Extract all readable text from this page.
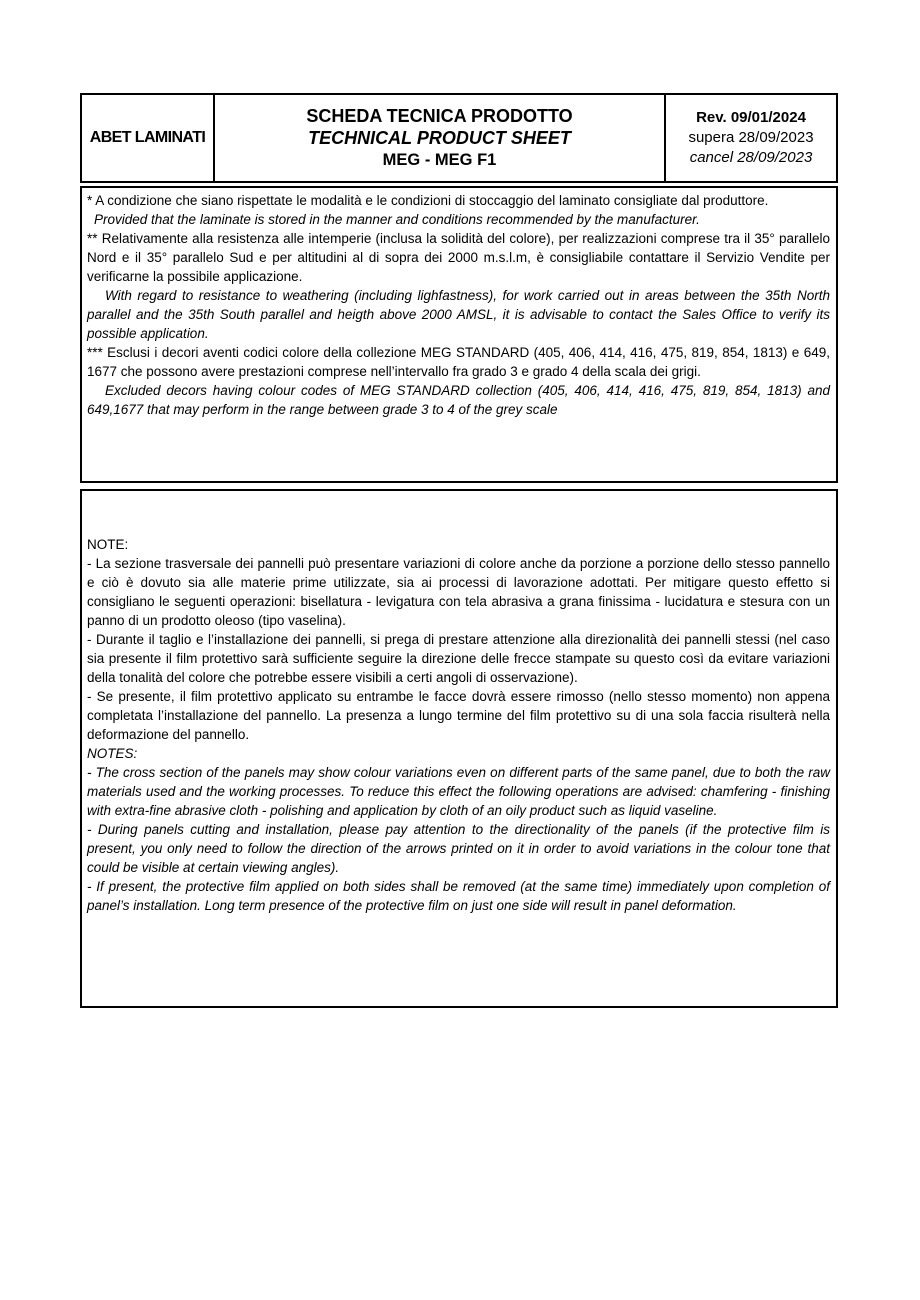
ABET LAMINATI
SCHEDA TECNICA PRODOTTO
TECHNICAL PRODUCT SHEET
MEG - MEG F1
Rev. 09/01/2024
supera 28/09/2023
cancel 28/09/2023

* A condizione che siano rispettate le modalità e le condizioni di stoccaggio del laminato consigliate dal produttore.

Provided that the laminate is stored in the manner and conditions recommended by the manufacturer.

** Relativamente alla resistenza alle intemperie (inclusa la solidità del colore), per realizzazioni comprese tra il 35° parallelo Nord e il 35° parallelo Sud e per altitudini al di sopra dei 2000 m.s.l.m, è consigliabile contattare il Servizio Vendite per verificarne la possibile applicazione.

With regard to resistance to weathering (including lighfastness), for work carried out in areas between the 35th North parallel and the 35th South parallel and heigth above 2000 AMSL, it is advisable to contact the Sales Office to verify its possible application.

*** Esclusi i decori aventi codici colore della collezione MEG STANDARD (405, 406, 414, 416, 475, 819, 854, 1813) e 649, 1677 che possono avere prestazioni comprese nell’intervallo fra grado 3 e grado 4 della scala dei grigi.

Excluded decors having colour codes of MEG STANDARD collection (405, 406, 414, 416, 475, 819, 854, 1813) and 649,1677 that may perform in the range between grade 3 to 4 of the grey scale

NOTE:

- La sezione trasversale dei pannelli può presentare variazioni di colore anche da porzione a porzione dello stesso pannello e ciò è dovuto sia alle materie prime utilizzate, sia ai processi di lavorazione adottati. Per mitigare questo effetto si consigliano le seguenti operazioni: bisellatura - levigatura con tela abrasiva a grana finissima - lucidatura e stesura con un panno di un prodotto oleoso (tipo vaselina).

- Durante il taglio e l’installazione dei pannelli, si prega di prestare attenzione alla direzionalità dei pannelli stessi (nel caso sia presente il film protettivo sarà sufficiente seguire la direzione delle frecce stampate su questo così da evitare variazioni della tonalità del colore che potrebbe essere visibili a certi angoli di osservazione).

- Se presente, il film protettivo applicato su entrambe le facce dovrà essere rimosso (nello stesso momento) non appena completata l’installazione del pannello. La presenza a lungo termine del film protettivo su di una sola faccia risulterà nella deformazione del pannello.

NOTES:

- The cross section of the panels may show colour variations even on different parts of the same panel, due to both the raw materials used and the working processes. To reduce this effect the following operations are advised: chamfering - finishing with extra-fine abrasive cloth - polishing and application by cloth of an oily product such as liquid vaseline.

- During panels cutting and installation, please pay attention to the directionality of the panels (if the protective film is present, you only need to follow the direction of the arrows printed on it in order to avoid variations in the colour tone that could be visible at certain viewing angles).

- If present, the protective film applied on both sides shall be removed (at the same time) immediately upon completion of panel’s installation. Long term presence of the protective film on just one side will result in panel deformation.
